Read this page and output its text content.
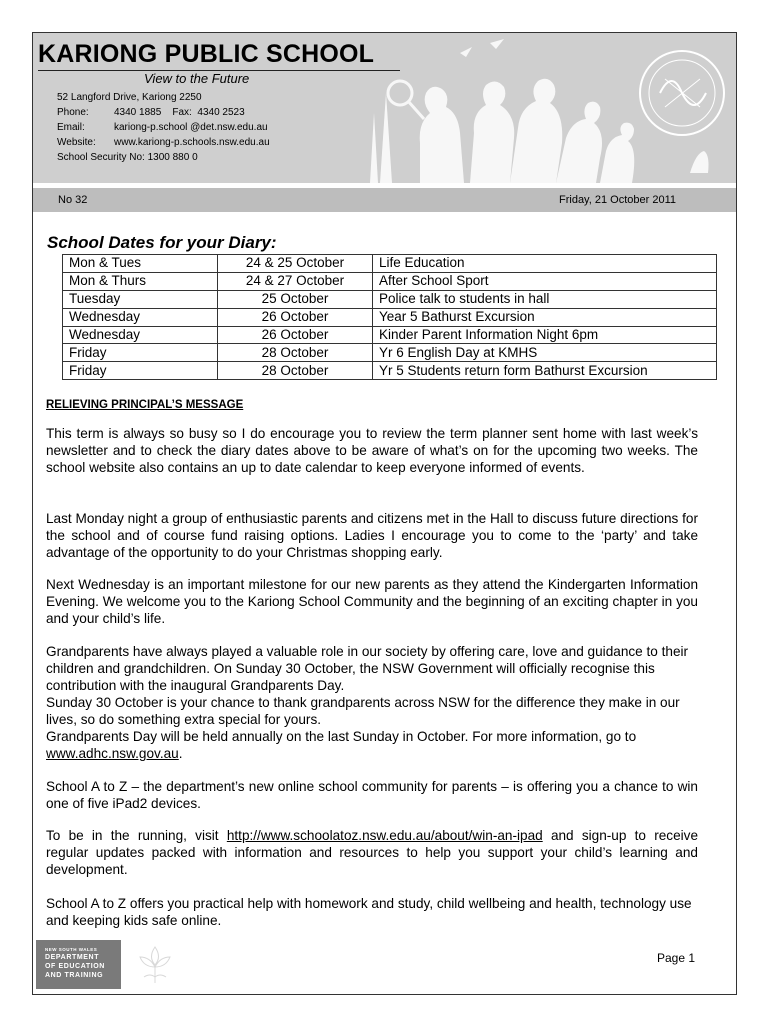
KARIONG PUBLIC SCHOOL
View to the Future
52 Langford Drive, Kariong 2250
Phone:	4340 1885    Fax:  4340 2523
Email:	kariong-p.school @det.nsw.edu.au
Website: www.kariong-p.schools.nsw.edu.au
School Security No: 1300 880 0
No 32	Friday, 21 October 2011
School Dates for your Diary:
Mon & Tues	24 & 25 October	Life Education
Mon & Thurs	24 & 27 October	After School Sport
Tuesday	25 October	Police talk to students in hall
Wednesday	26 October	Year 5 Bathurst Excursion
Wednesday	26 October	Kinder Parent Information Night 6pm
Friday	28 October	Yr 6 English Day at KMHS
Friday	28 October	Yr 5 Students return form Bathurst Excursion
RELIEVING PRINCIPAL’S MESSAGE

This term is always so busy so I do encourage you to review the term planner sent home with last week’s newsletter and to check the diary dates above to be aware of what’s on for the upcoming two weeks. The school website also contains an up to date calendar to keep everyone informed of events.

Last Monday night a group of enthusiastic parents and citizens met in the Hall to discuss future directions for the school and of course fund raising options. Ladies I encourage you to come to the ‘party’ and take advantage of the opportunity to do your Christmas shopping early.

Next Wednesday is an important milestone for our new parents as they attend the Kindergarten Information Evening. We welcome you to the Kariong School Community and the beginning of an exciting chapter in you and your child’s life.

Grandparents have always played a valuable role in our society by offering care, love and guidance to their children and grandchildren. On Sunday 30 October, the NSW Government will officially recognise this contribution with the inaugural Grandparents Day.

Sunday 30 October is your chance to thank grandparents across NSW for the difference they make in our lives, so do something extra special for yours.

Grandparents Day will be held annually on the last Sunday in October. For more information, go to www.adhc.nsw.gov.au.

School A to Z – the department’s new online school community for parents – is offering you a chance to win one of five iPad2 devices.

To be in the running, visit http://www.schoolatoz.nsw.edu.au/about/win-an-ipad and sign-up to receive regular updates packed with information and resources to help you support your child’s learning and development.

School A to Z offers you practical help with homework and study, child wellbeing and health, technology use and keeping kids safe online.

NEW SOUTH WALES
DEPARTMENT
OF EDUCATION
AND TRAINING
Page 1
